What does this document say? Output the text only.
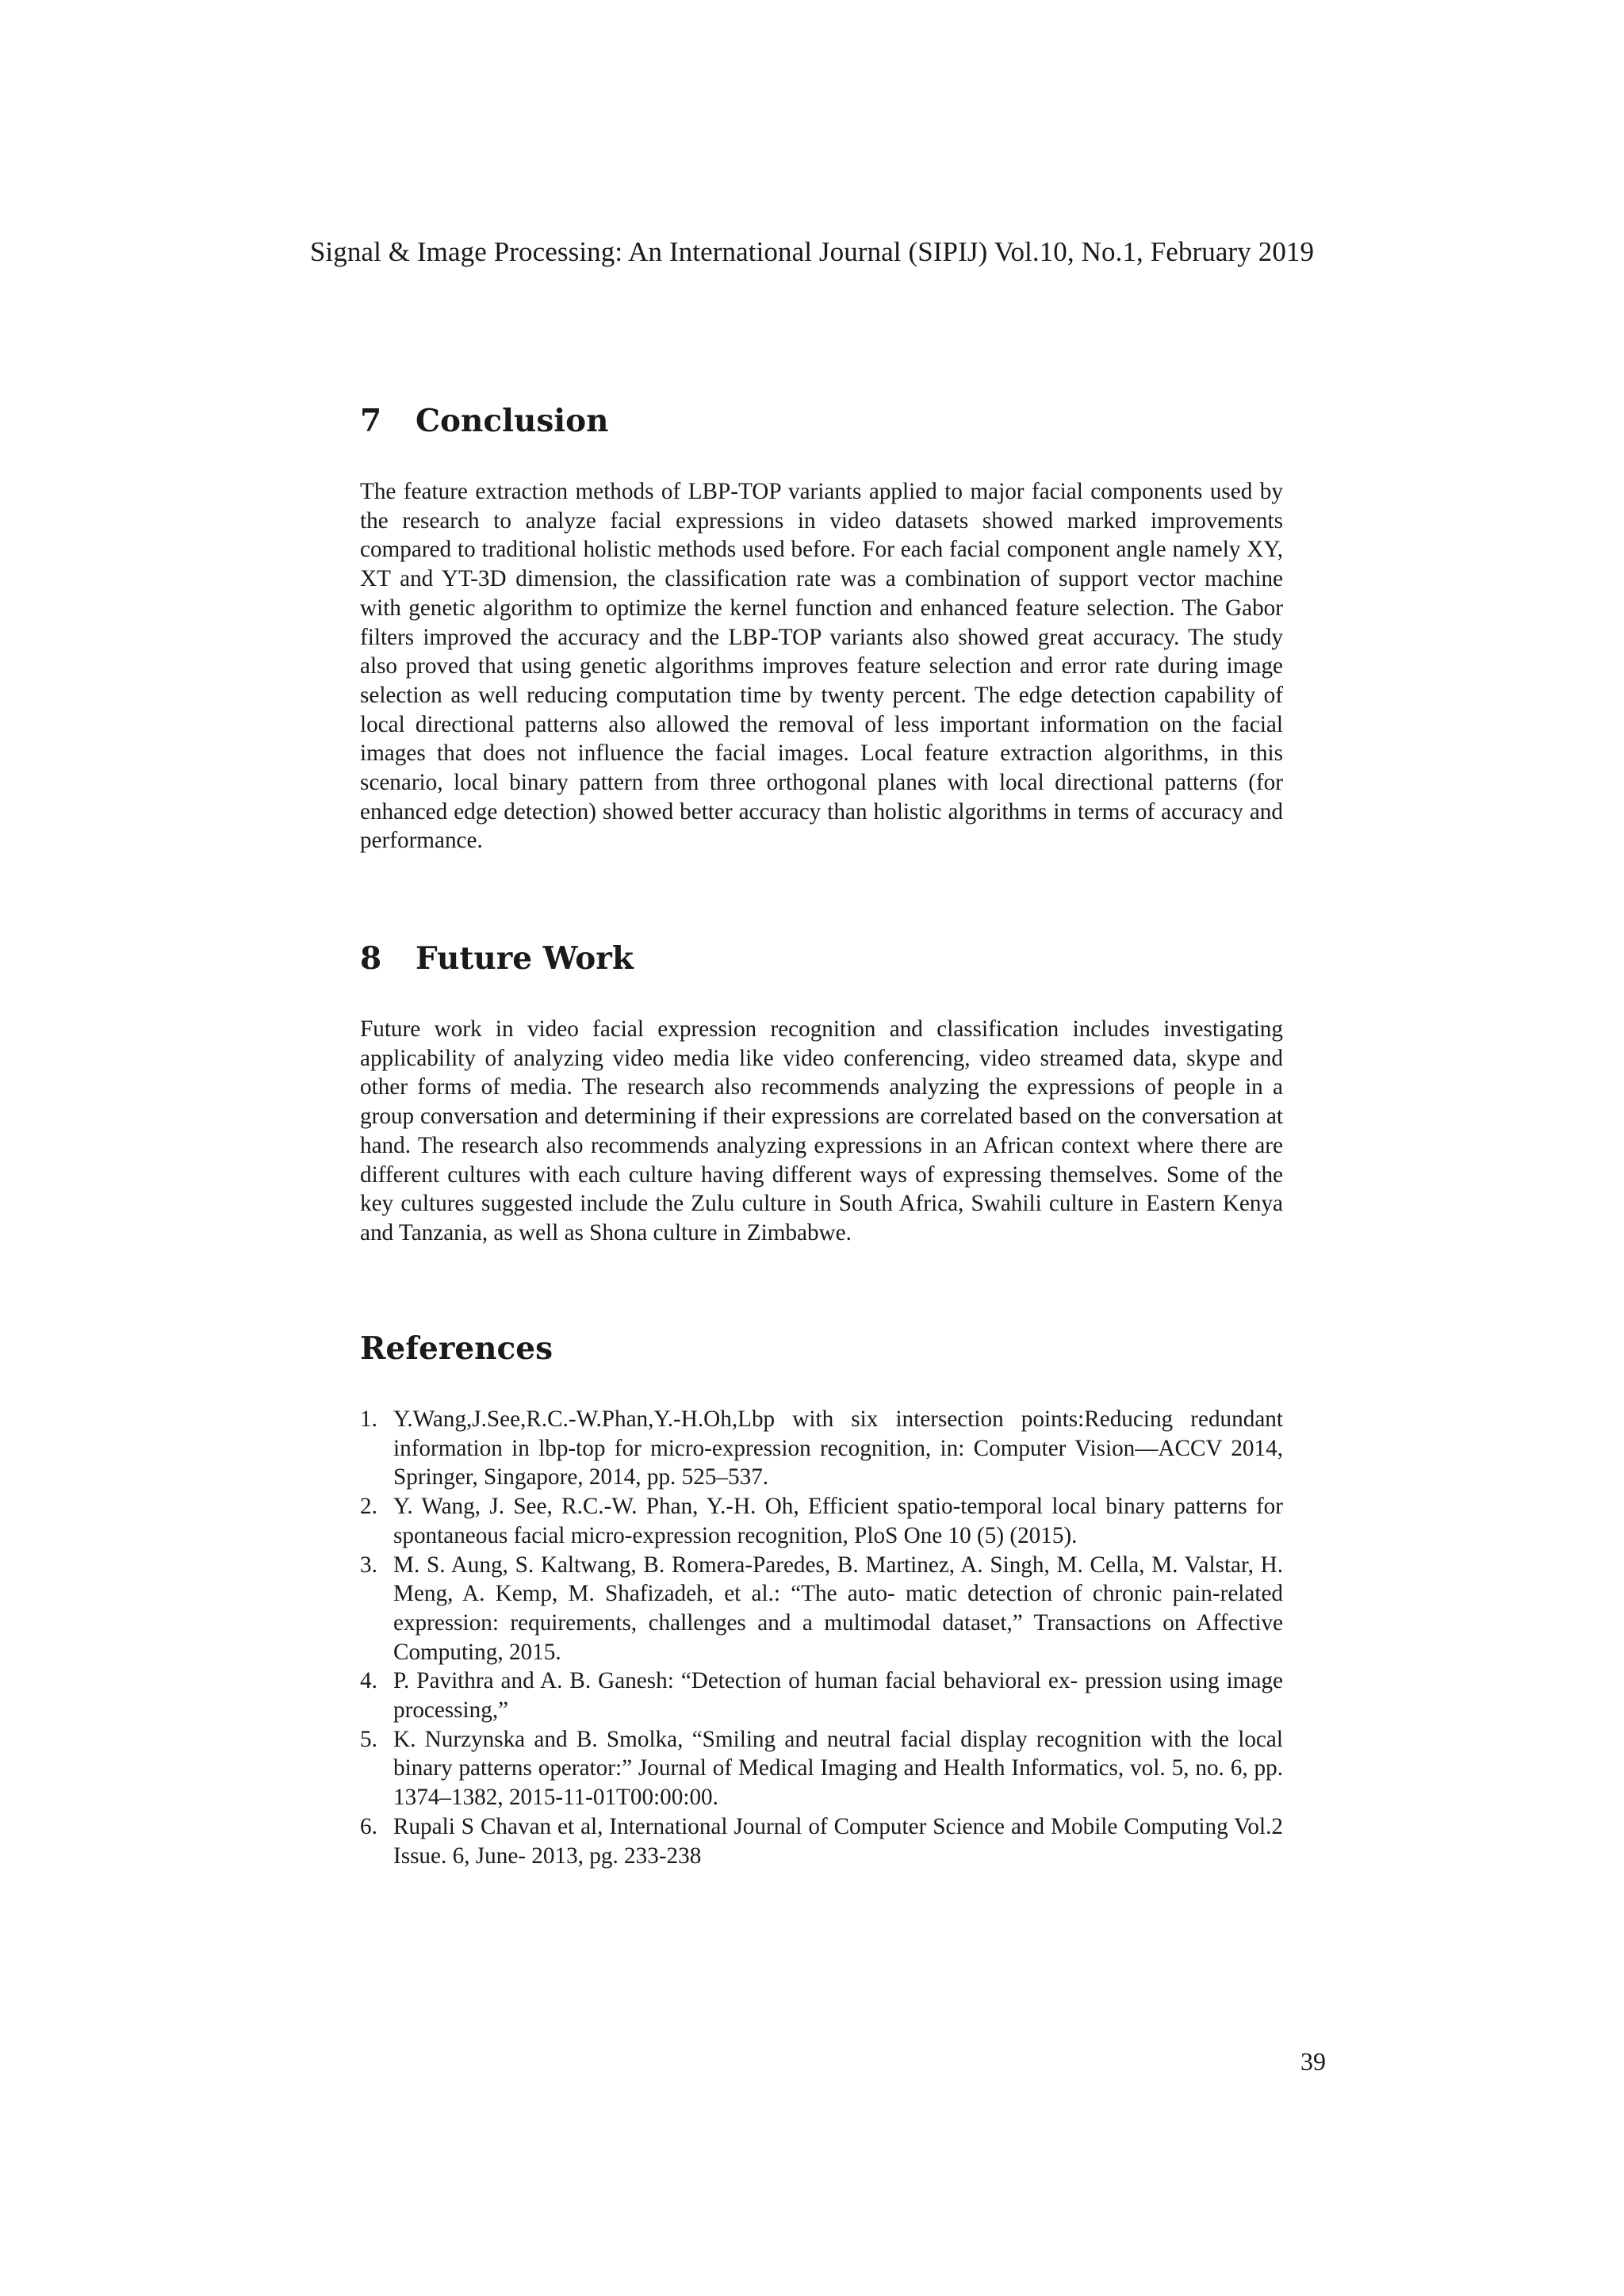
Signal & Image Processing: An International Journal (SIPIJ) Vol.10, No.1, February 2019
7 Conclusion

The feature extraction methods of LBP-TOP variants applied to major facial components used by the research to analyze facial expressions in video datasets showed marked improvements compared to traditional holistic methods used before. For each facial component angle namely XY, XT and YT-3D dimension, the classification rate was a combination of support vector machine with genetic algorithm to optimize the kernel function and enhanced feature selection. The Gabor filters improved the accuracy and the LBP-TOP variants also showed great accuracy. The study also proved that using genetic algorithms improves feature selection and error rate during image selection as well reducing computation time by twenty percent. The edge detection capability of local directional patterns also allowed the removal of less important information on the facial images that does not influence the facial images. Local feature extraction algorithms, in this scenario, local binary pattern from three orthogonal planes with local directional patterns (for enhanced edge detection) showed better accuracy than holistic algorithms in terms of accuracy and performance.

8 Future Work

Future work in video facial expression recognition and classification includes investigating applicability of analyzing video media like video conferencing, video streamed data, skype and other forms of media. The research also recommends analyzing the expressions of people in a group conversation and determining if their expressions are correlated based on the conversation at hand. The research also recommends analyzing expressions in an African context where there are different cultures with each culture having different ways of expressing themselves. Some of the key cultures suggested include the Zulu culture in South Africa, Swahili culture in Eastern Kenya and Tanzania, as well as Shona culture in Zimbabwe.

References
1. Y.Wang,J.See,R.C.-W.Phan,Y.-H.Oh,Lbp with six intersection points:Reducing redundant information in lbp-top for micro-expression recognition, in: Computer Vision—ACCV 2014, Springer, Singapore, 2014, pp. 525–537.
2. Y. Wang, J. See, R.C.-W. Phan, Y.-H. Oh, Efficient spatio-temporal local binary patterns for spontaneous facial micro-expression recognition, PloS One 10 (5) (2015).
3. M. S. Aung, S. Kaltwang, B. Romera-Paredes, B. Martinez, A. Singh, M. Cella, M. Valstar, H. Meng, A. Kemp, M. Shafizadeh, et al.: “The auto- matic detection of chronic pain-related expression: requirements, challenges and a multimodal dataset,” Transactions on Affective Computing, 2015.
4. P. Pavithra and A. B. Ganesh: “Detection of human facial behavioral ex- pression using image processing,”
5. K. Nurzynska and B. Smolka, “Smiling and neutral facial display recognition with the local binary patterns operator:” Journal of Medical Imaging and Health Informatics, vol. 5, no. 6, pp. 1374–1382, 2015-11-01T00:00:00.
6. Rupali S Chavan et al, International Journal of Computer Science and Mobile Computing Vol.2 Issue. 6, June- 2013, pg. 233-238
39
